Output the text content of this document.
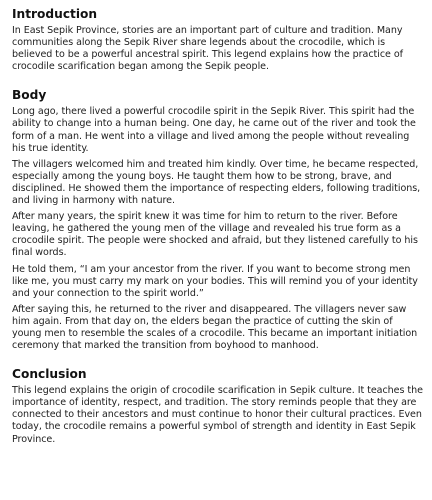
Introduction

In East Sepik Province, stories are an important part of culture and tradition. Many communities along the Sepik River share legends about the crocodile, which is believed to be a powerful ancestral spirit. This legend explains how the practice of crocodile scarification began among the Sepik people.

Body

Long ago, there lived a powerful crocodile spirit in the Sepik River. This spirit had the ability to change into a human being. One day, he came out of the river and took the form of a man. He went into a village and lived among the people without revealing his true identity.

The villagers welcomed him and treated him kindly. Over time, he became respected, especially among the young boys. He taught them how to be strong, brave, and disciplined. He showed them the importance of respecting elders, following traditions, and living in harmony with nature.

After many years, the spirit knew it was time for him to return to the river. Before leaving, he gathered the young men of the village and revealed his true form as a crocodile spirit. The people were shocked and afraid, but they listened carefully to his final words.

He told them, “I am your ancestor from the river. If you want to become strong men like me, you must carry my mark on your bodies. This will remind you of your identity and your connection to the spirit world.”

After saying this, he returned to the river and disappeared. The villagers never saw him again. From that day on, the elders began the practice of cutting the skin of young men to resemble the scales of a crocodile. This became an important initiation ceremony that marked the transition from boyhood to manhood.

Conclusion

This legend explains the origin of crocodile scarification in Sepik culture. It teaches the importance of identity, respect, and tradition. The story reminds people that they are connected to their ancestors and must continue to honor their cultural practices. Even today, the crocodile remains a powerful symbol of strength and identity in East Sepik Province.
